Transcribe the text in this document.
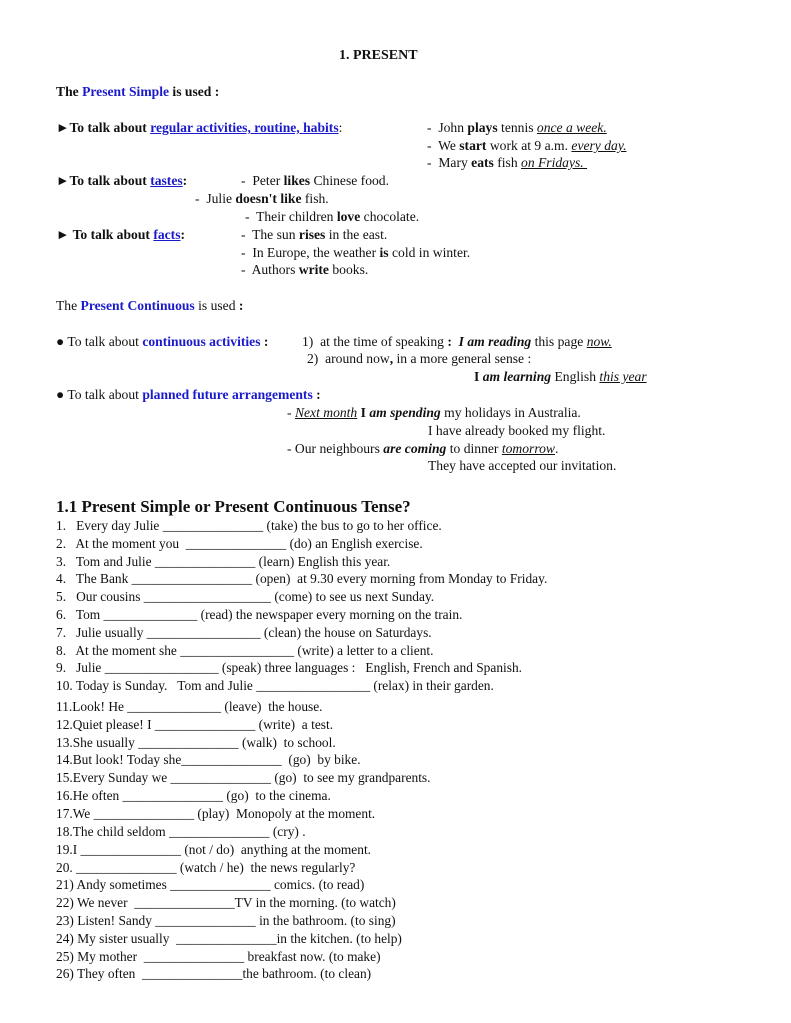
1. PRESENT
The Present Simple is used :
►To talk about regular activities, routine, habits:	-  John plays tennis once a week.
-  We start work at 9 a.m. every day.
-  Mary eats fish on Fridays.
►To talk about tastes:	-  Peter likes Chinese food.
-  Julie doesn't like fish.
-  Their children love chocolate.
► To talk about facts:	-  The sun rises in the east.
-  In Europe, the weather is cold in winter.
-  Authors write books.
The Present Continuous is used :
● To talk about continuous activities : 1)  at the time of speaking : I am reading this page now.
2)  around now, in a more general sense :
I am learning English this year
● To talk about planned future arrangements :
- Next month I am spending my holidays in Australia.
I have already booked my flight.
- Our neighbours are coming to dinner tomorrow.
They have accepted our invitation.
1.1 Present Simple or Present Continuous Tense?
1.   Every day Julie _______________ (take) the bus to go to her office.
2.   At the moment you  _______________ (do) an English exercise.
3.   Tom and Julie _______________ (learn) English this year.
4.   The Bank __________________ (open)  at 9.30 every morning from Monday to Friday.
5.   Our cousins ___________________ (come) to see us next Sunday.
6.   Tom ______________ (read) the newspaper every morning on the train.
7.   Julie usually _________________ (clean) the house on Saturdays.
8.   At the moment she _________________ (write) a letter to a client.
9.   Julie _________________ (speak) three languages :   English, French and Spanish.
10. Today is Sunday.   Tom and Julie _________________ (relax) in their garden.
11.Look! He ______________ (leave)  the house.
12.Quiet please! I _______________ (write)  a test.
13.She usually _______________ (walk)  to school.
14.But look! Today she_______________  (go)  by bike.
15.Every Sunday we _______________ (go)  to see my grandparents.
16.He often _______________ (go)  to the cinema.
17.We _______________ (play)  Monopoly at the moment.
18.The child seldom _______________ (cry) .
19.I _______________ (not / do)  anything at the moment.
20. _______________ (watch / he)  the news regularly?
21) Andy sometimes _______________ comics. (to read)
22) We never  _______________TV in the morning. (to watch)
23) Listen! Sandy _______________ in the bathroom. (to sing)
24) My sister usually  _______________in the kitchen. (to help)
25) My mother  _______________ breakfast now. (to make)
26) They often  _______________the bathroom. (to clean)
